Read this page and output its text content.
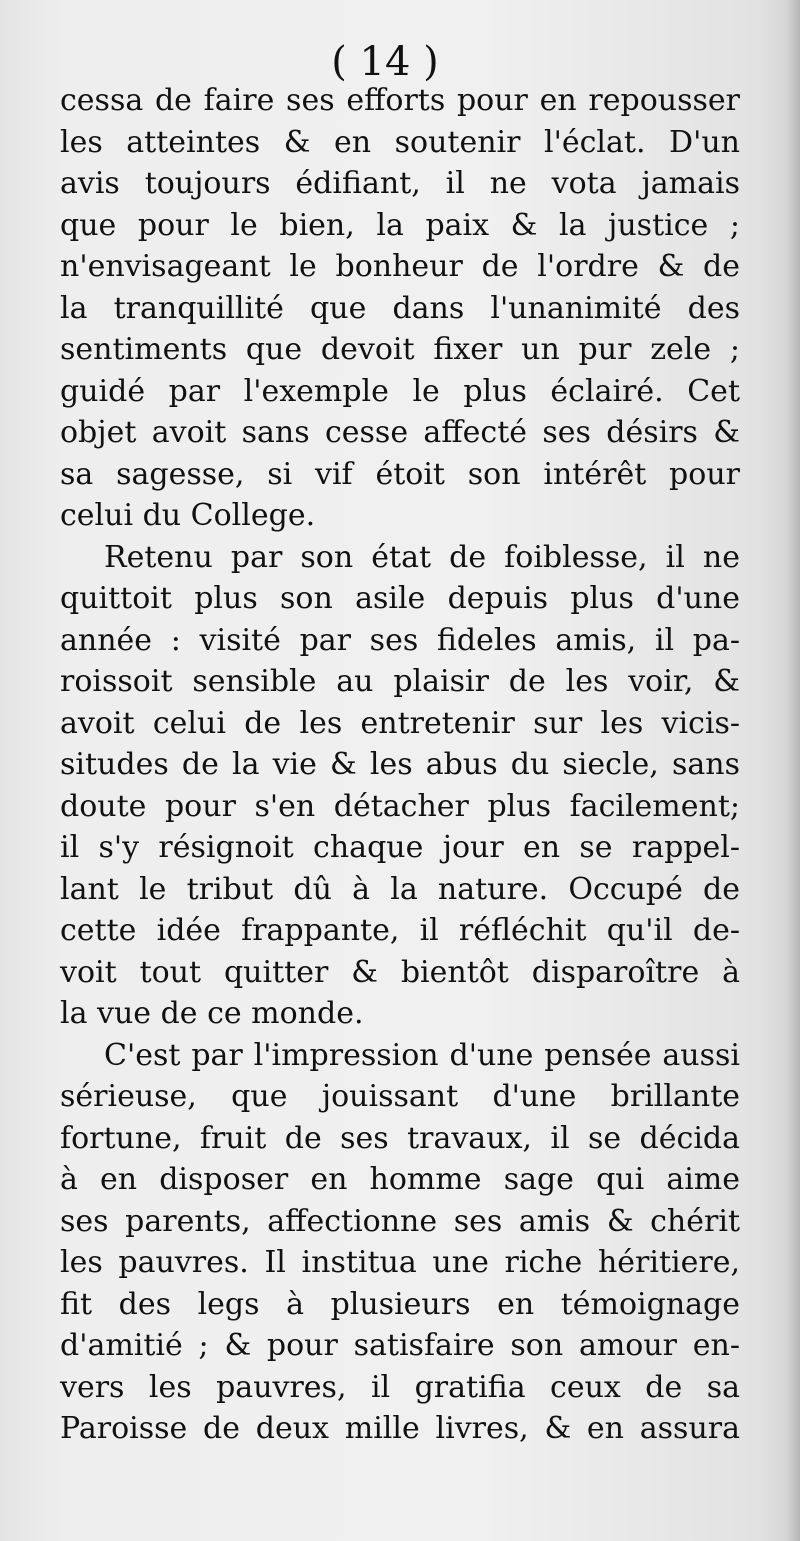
( 14 )
cessa de faire ses efforts pour en repousser
les atteintes & en soutenir l'éclat. D'un
avis toujours édifiant, il ne vota jamais
que pour le bien, la paix & la justice ;
n'envisageant le bonheur de l'ordre & de
la tranquillité que dans l'unanimité des
sentiments que devoit fixer un pur zele ;
guidé par l'exemple le plus éclairé. Cet
objet avoit sans cesse affecté ses désirs &
sa sagesse, si vif étoit son intérêt pour
celui du College.
Retenu par son état de foiblesse, il ne
quittoit plus son asile depuis plus d'une
année : visité par ses fideles amis, il pa-
roissoit sensible au plaisir de les voir, &
avoit celui de les entretenir sur les vicis-
situdes de la vie & les abus du siecle, sans
doute pour s'en détacher plus facilement;
il s'y résignoit chaque jour en se rappel-
lant le tribut dû à la nature. Occupé de
cette idée frappante, il réfléchit qu'il de-
voit tout quitter & bientôt disparoître à
la vue de ce monde.
C'est par l'impression d'une pensée aussi
sérieuse, que jouissant d'une brillante
fortune, fruit de ses travaux, il se décida
à en disposer en homme sage qui aime
ses parents, affectionne ses amis & chérit
les pauvres. Il institua une riche héritiere,
fit des legs à plusieurs en témoignage
d'amitié ; & pour satisfaire son amour en-
vers les pauvres, il gratifia ceux de sa
Paroisse de deux mille livres, & en assura
